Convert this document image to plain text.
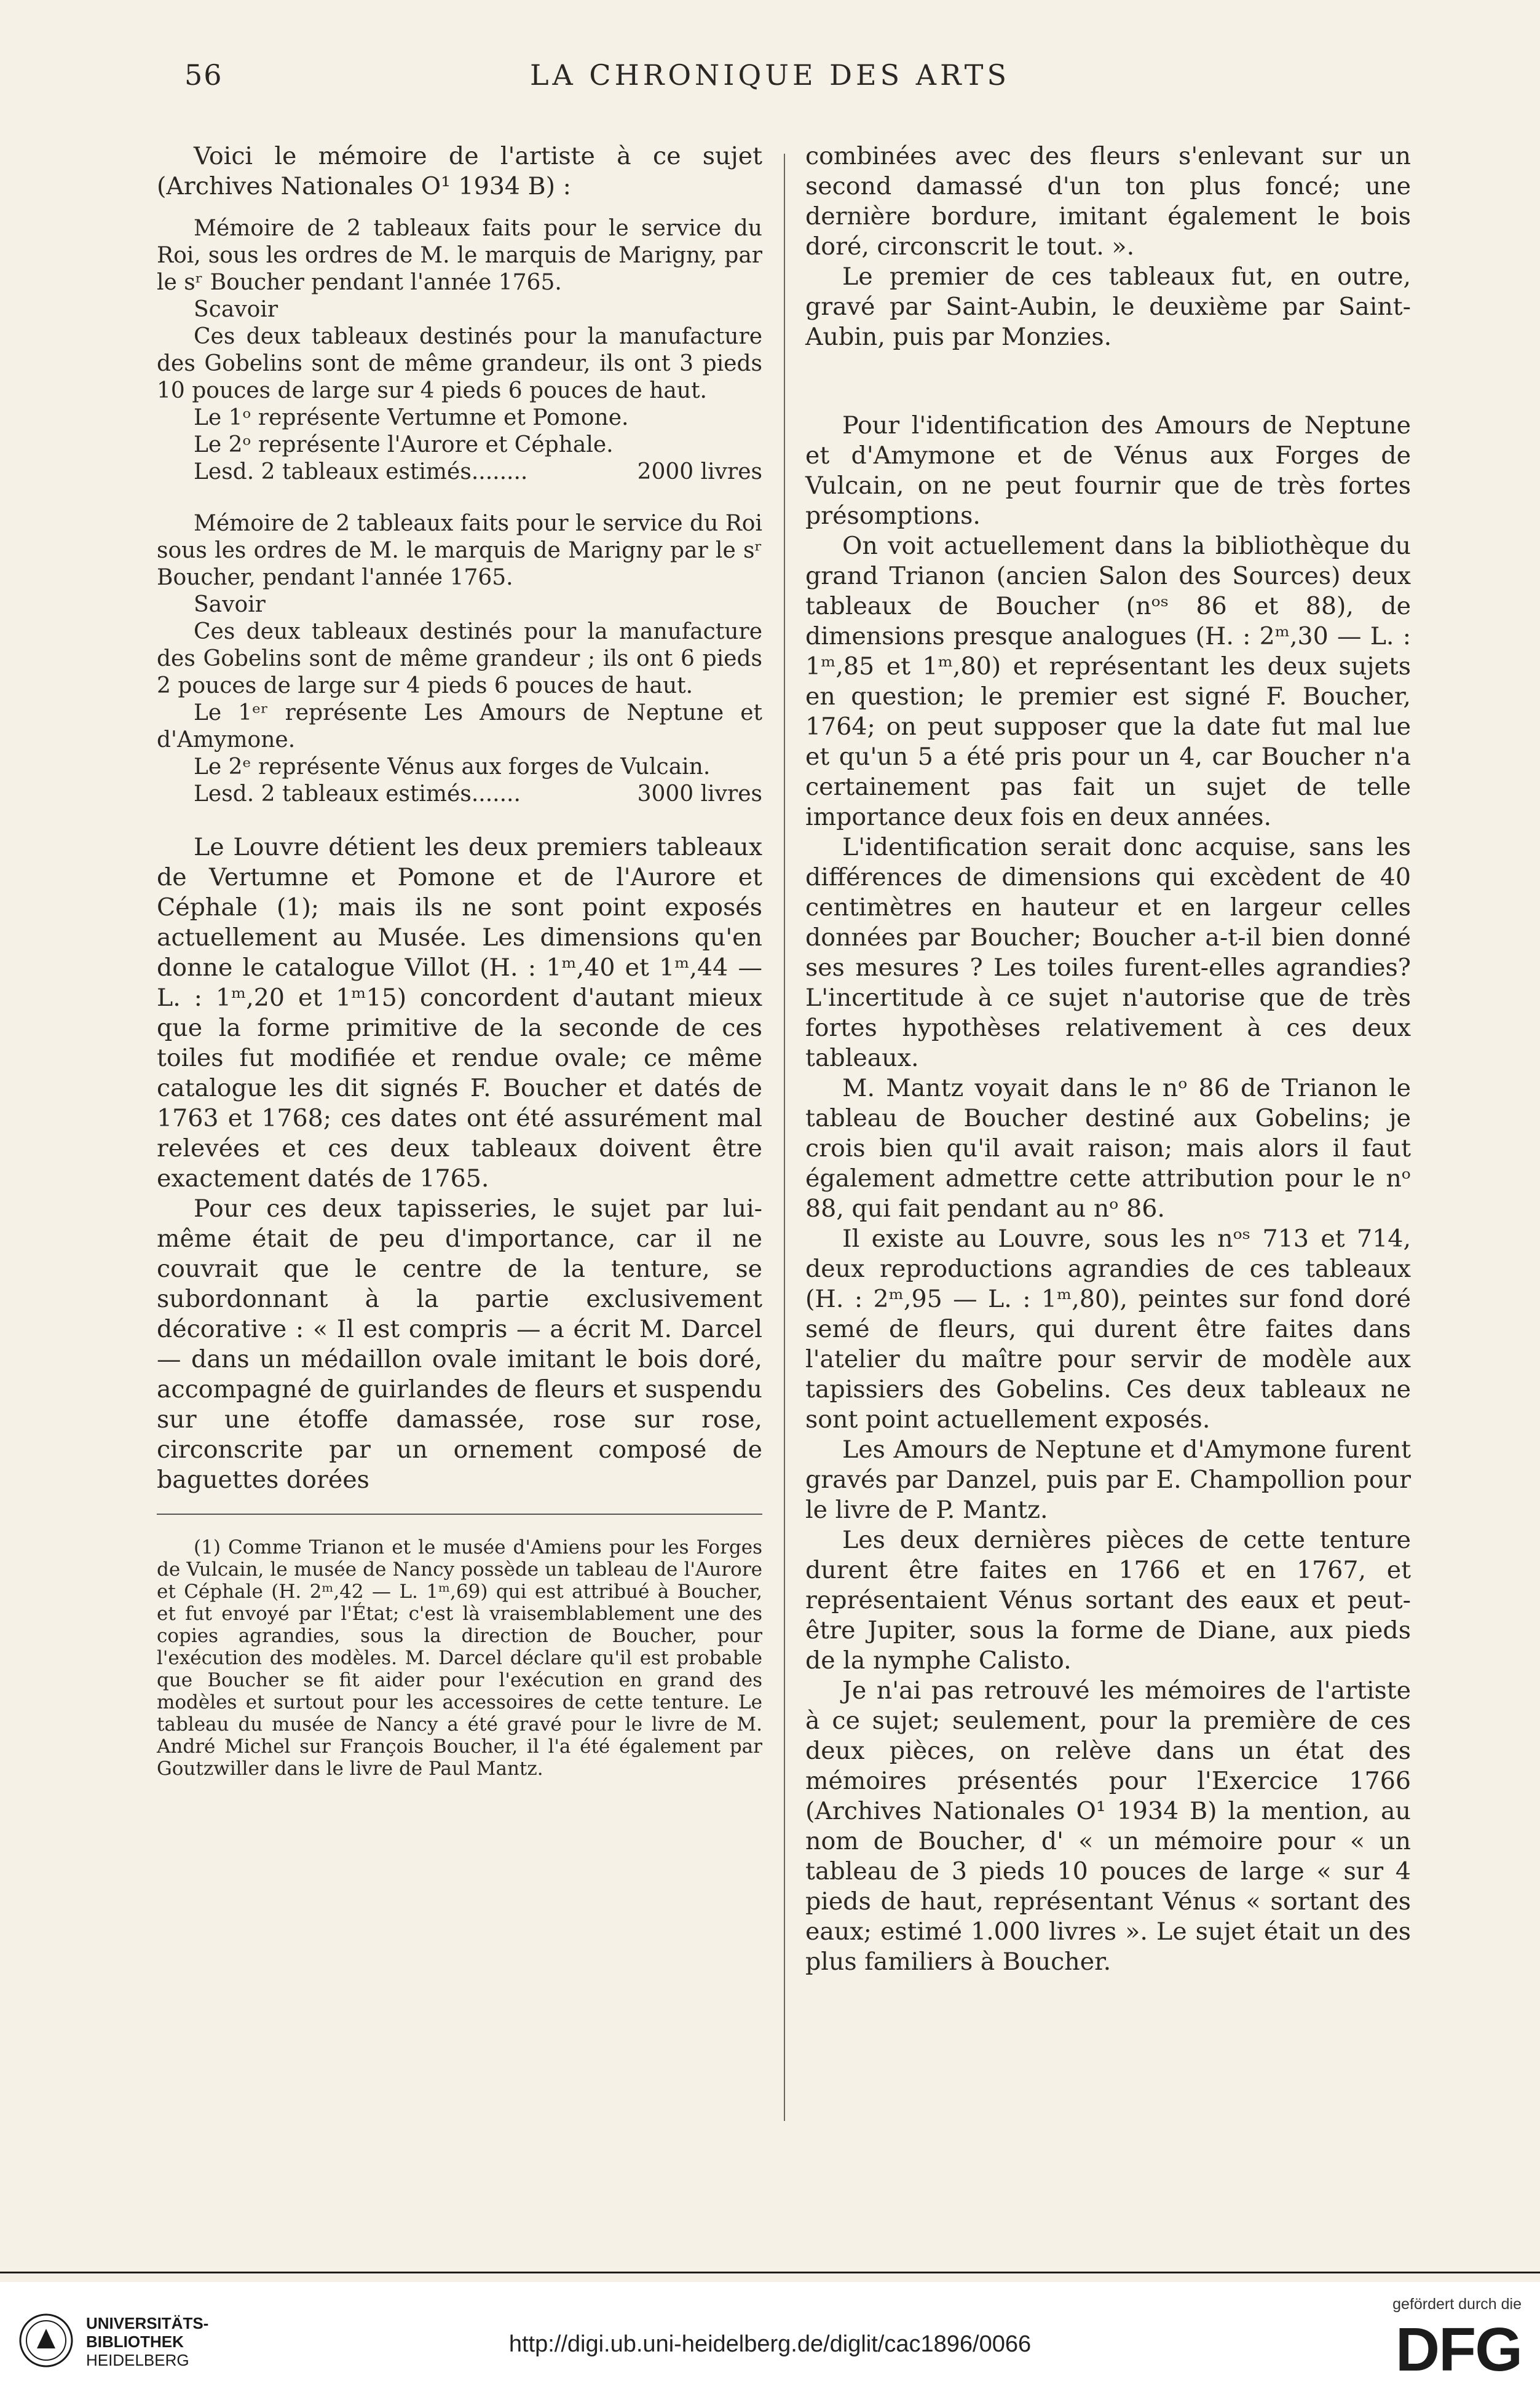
56	LA CHRONIQUE DES ARTS

Voici le mémoire de l'artiste à ce sujet (Archives Nationales O¹ 1934 B) :

Mémoire de 2 tableaux faits pour le service du Roi, sous les ordres de M. le marquis de Marigny, par le sʳ Boucher pendant l'année 1765.

Scavoir

Ces deux tableaux destinés pour la manufacture des Gobelins sont de même grandeur, ils ont 3 pieds 10 pouces de large sur 4 pieds 6 pouces de haut.

Le 1ᵒ représente Vertumne et Pomone.

Le 2ᵒ représente l'Aurore et Céphale.

Lesd. 2 tableaux estimés........	2000 livres

Mémoire de 2 tableaux faits pour le service du Roi sous les ordres de M. le marquis de Marigny par le sʳ Boucher, pendant l'année 1765.

Savoir

Ces deux tableaux destinés pour la manufacture des Gobelins sont de même grandeur ; ils ont 6 pieds 2 pouces de large sur 4 pieds 6 pouces de haut.

Le 1ᵉʳ représente Les Amours de Neptune et d'Amymone.

Le 2ᵉ représente Vénus aux forges de Vulcain.

Lesd. 2 tableaux estimés.......	3000 livres

Le Louvre détient les deux premiers tableaux de Vertumne et Pomone et de l'Aurore et Céphale (1); mais ils ne sont point exposés actuellement au Musée. Les dimensions qu'en donne le catalogue Villot (H. : 1ᵐ,40 et 1ᵐ,44 — L. : 1ᵐ,20 et 1ᵐ15) concordent d'autant mieux que la forme primitive de la seconde de ces toiles fut modifiée et rendue ovale; ce même catalogue les dit signés F. Boucher et datés de 1763 et 1768; ces dates ont été assurément mal relevées et ces deux tableaux doivent être exactement datés de 1765.

Pour ces deux tapisseries, le sujet par lui-même était de peu d'importance, car il ne couvrait que le centre de la tenture, se subordonnant à la partie exclusivement décorative : « Il est compris — a écrit M. Darcel — dans un médaillon ovale imitant le bois doré, accompagné de guirlandes de fleurs et suspendu sur une étoffe damassée, rose sur rose, circonscrite par un ornement composé de baguettes dorées

(1) Comme Trianon et le musée d'Amiens pour les Forges de Vulcain, le musée de Nancy possède un tableau de l'Aurore et Céphale (H. 2ᵐ,42 — L. 1ᵐ,69) qui est attribué à Boucher, et fut envoyé par l'État; c'est là vraisemblablement une des copies agrandies, sous la direction de Boucher, pour l'exécution des modèles. M. Darcel déclare qu'il est probable que Boucher se fit aider pour l'exécution en grand des modèles et surtout pour les accessoires de cette tenture. Le tableau du musée de Nancy a été gravé pour le livre de M. André Michel sur François Boucher, il l'a été également par Goutzwiller dans le livre de Paul Mantz.

combinées avec des fleurs s'enlevant sur un second damassé d'un ton plus foncé; une dernière bordure, imitant également le bois doré, circonscrit le tout. ».

Le premier de ces tableaux fut, en outre, gravé par Saint-Aubin, le deuxième par Saint-Aubin, puis par Monzies.

Pour l'identification des Amours de Neptune et d'Amymone et de Vénus aux Forges de Vulcain, on ne peut fournir que de très fortes présomptions.

On voit actuellement dans la bibliothèque du grand Trianon (ancien Salon des Sources) deux tableaux de Boucher (nᵒˢ 86 et 88), de dimensions presque analogues (H. : 2ᵐ,30 — L. : 1ᵐ,85 et 1ᵐ,80) et représentant les deux sujets en question; le premier est signé F. Boucher, 1764; on peut supposer que la date fut mal lue et qu'un 5 a été pris pour un 4, car Boucher n'a certainement pas fait un sujet de telle importance deux fois en deux années.

L'identification serait donc acquise, sans les différences de dimensions qui excèdent de 40 centimètres en hauteur et en largeur celles données par Boucher; Boucher a-t-il bien donné ses mesures ? Les toiles furent-elles agrandies? L'incertitude à ce sujet n'autorise que de très fortes hypothèses relativement à ces deux tableaux.

M. Mantz voyait dans le nᵒ 86 de Trianon le tableau de Boucher destiné aux Gobelins; je crois bien qu'il avait raison; mais alors il faut également admettre cette attribution pour le nᵒ 88, qui fait pendant au nᵒ 86.

Il existe au Louvre, sous les nᵒˢ 713 et 714, deux reproductions agrandies de ces tableaux (H. : 2ᵐ,95 — L. : 1ᵐ,80), peintes sur fond doré semé de fleurs, qui durent être faites dans l'atelier du maître pour servir de modèle aux tapissiers des Gobelins. Ces deux tableaux ne sont point actuellement exposés.

Les Amours de Neptune et d'Amymone furent gravés par Danzel, puis par E. Champollion pour le livre de P. Mantz.

Les deux dernières pièces de cette tenture durent être faites en 1766 et en 1767, et représentaient Vénus sortant des eaux et peut-être Jupiter, sous la forme de Diane, aux pieds de la nymphe Calisto.

Je n'ai pas retrouvé les mémoires de l'artiste à ce sujet; seulement, pour la première de ces deux pièces, on relève dans un état des mémoires présentés pour l'Exercice 1766 (Archives Nationales O¹ 1934 B) la mention, au nom de Boucher, d' « un mémoire pour « un tableau de 3 pieds 10 pouces de large « sur 4 pieds de haut, représentant Vénus « sortant des eaux; estimé 1.000 livres ». Le sujet était un des plus familiers à Boucher.

UNIVERSITÄTS-
BIBLIOTHEK
HEIDELBERG
http://digi.ub.uni-heidelberg.de/diglit/cac1896/0066
gefördert durch die
DFG
